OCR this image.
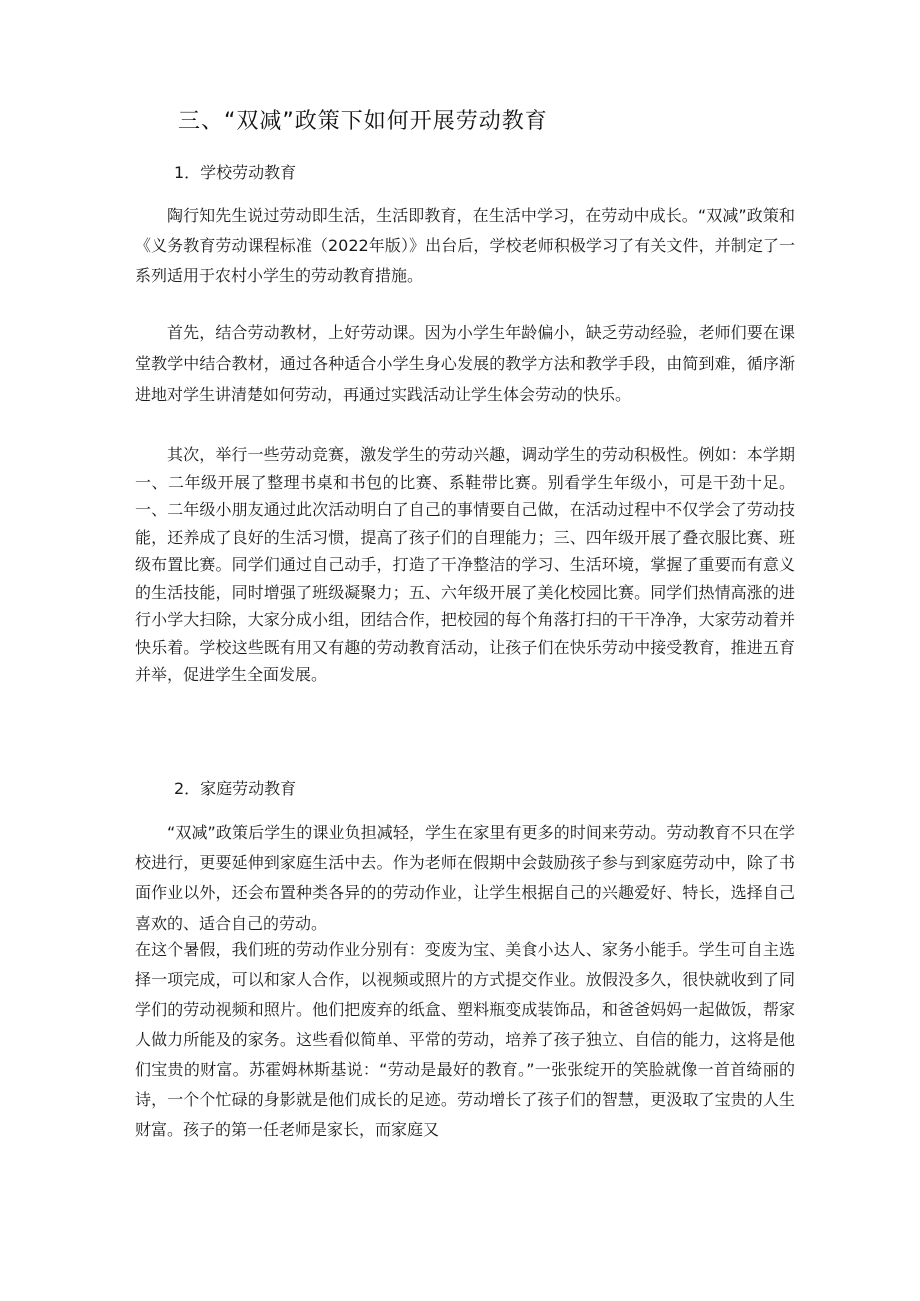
三、“双减”政策下如何开展劳动教育
1．学校劳动教育

陶行知先生说过劳动即生活，生活即教育，在生活中学习，在劳动中成长。“双减”政策和《义务教育劳动课程标准（2022年版）》出台后，学校老师积极学习了有关文件，并制定了一系列适用于农村小学生的劳动教育措施。

首先，结合劳动教材，上好劳动课。因为小学生年龄偏小，缺乏劳动经验，老师们要在课堂教学中结合教材，通过各种适合小学生身心发展的教学方法和教学手段，由简到难，循序渐进地对学生讲清楚如何劳动，再通过实践活动让学生体会劳动的快乐。

其次，举行一些劳动竞赛，激发学生的劳动兴趣，调动学生的劳动积极性。例如：本学期一、二年级开展了整理书桌和书包的比赛、系鞋带比赛。别看学生年级小，可是干劲十足。一、二年级小朋友通过此次活动明白了自己的事情要自己做，在活动过程中不仅学会了劳动技能，还养成了良好的生活习惯，提高了孩子们的自理能力；三、四年级开展了叠衣服比赛、班级布置比赛。同学们通过自己动手，打造了干净整洁的学习、生活环境，掌握了重要而有意义的生活技能，同时增强了班级凝聚力；五、六年级开展了美化校园比赛。同学们热情高涨的进行小学大扫除，大家分成小组，团结合作，把校园的每个角落打扫的干干净净，大家劳动着并快乐着。学校这些既有用又有趣的劳动教育活动，让孩子们在快乐劳动中接受教育，推进五育并举，促进学生全面发展。

2．家庭劳动教育

“双减”政策后学生的课业负担减轻，学生在家里有更多的时间来劳动。劳动教育不只在学校进行，更要延伸到家庭生活中去。作为老师在假期中会鼓励孩子参与到家庭劳动中，除了书面作业以外，还会布置种类各异的的劳动作业，让学生根据自己的兴趣爱好、特长，选择自己喜欢的、适合自己的劳动。

在这个暑假，我们班的劳动作业分别有：变废为宝、美食小达人、家务小能手。学生可自主选择一项完成，可以和家人合作，以视频或照片的方式提交作业。放假没多久，很快就收到了同学们的劳动视频和照片。他们把废弃的纸盒、塑料瓶变成装饰品，和爸爸妈妈一起做饭，帮家人做力所能及的家务。这些看似简单、平常的劳动，培养了孩子独立、自信的能力，这将是他们宝贵的财富。苏霍姆林斯基说：“劳动是最好的教育。”一张张绽开的笑脸就像一首首绮丽的诗，一个个忙碌的身影就是他们成长的足迹。劳动增长了孩子们的智慧，更汲取了宝贵的人生财富。孩子的第一任老师是家长，而家庭又
